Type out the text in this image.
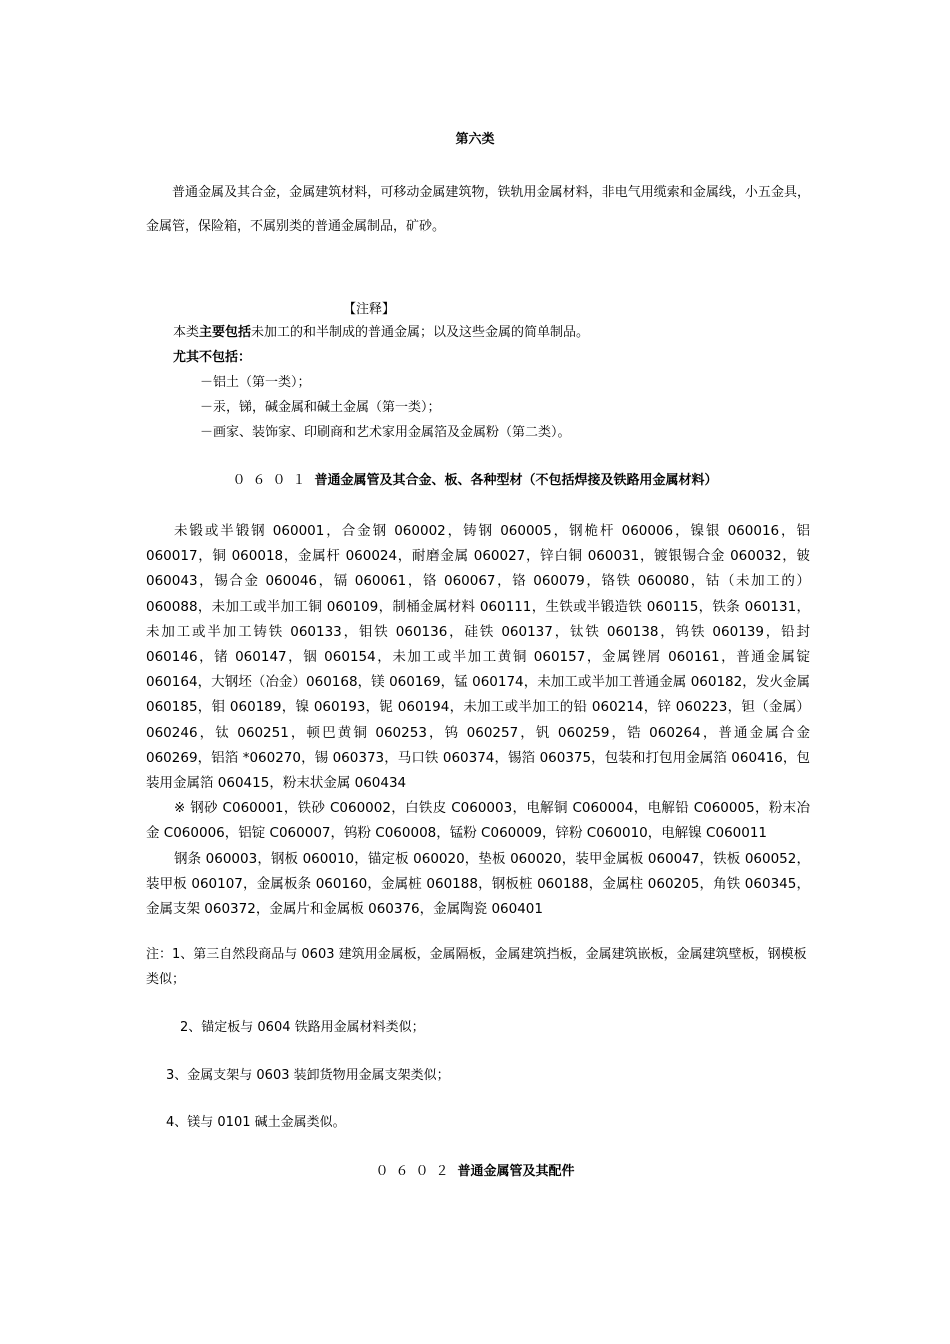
第六类
普通金属及其合金，金属建筑材料，可移动金属建筑物，铁轨用金属材料，非电气用缆索和金属线，小五金具，金属管，保险箱，不属别类的普通金属制品，矿砂。
【注释】
本类主要包括未加工的和半制成的普通金属；以及这些金属的简单制品。
尤其不包括：
－铝土（第一类）；
－汞，锑，碱金属和碱土金属（第一类）；
－画家、装饰家、印刷商和艺术家用金属箔及金属粉（第二类）。
０６０１ 普通金属管及其合金、板、各种型材（不包括焊接及铁路用金属材料）

未锻或半锻钢 060001，合金钢 060002，铸钢 060005，钢桅杆 060006，镍银 060016，铝 060017，铜 060018，金属杆 060024，耐磨金属 060027，锌白铜 060031，镀银锡合金 060032，铍 060043，锡合金 060046，镉 060061，铬 060067，铬 060079，铬铁 060080，钴（未加工的）060088，未加工或半加工铜 060109，制桶金属材料 060111，生铁或半锻造铁 060115，铁条 060131，未加工或半加工铸铁 060133，钼铁 060136，硅铁 060137，钛铁 060138，钨铁 060139，铅封 060146，锗 060147，铟 060154，未加工或半加工黄铜 060157，金属锉屑 060161，普通金属锭 060164，大钢坯（冶金）060168，镁 060169，锰 060174，未加工或半加工普通金属 060182，发火金属 060185，钼 060189，镍 060193，铌 060194，未加工或半加工的铅 060214，锌 060223，钽（金属）060246，钛 060251，顿巴黄铜 060253，钨 060257，钒 060259，锆 060264，普通金属合金 060269，铝箔 *060270，锡 060373，马口铁 060374，锡箔 060375，包装和打包用金属箔 060416，包装用金属箔 060415，粉末状金属 060434

※ 钢砂 C060001，铁砂 C060002，白铁皮 C060003，电解铜 C060004，电解铅 C060005，粉末冶金 C060006，铝锭 C060007，钨粉 C060008，锰粉 C060009，锌粉 C060010，电解镍 C060011

钢条 060003，钢板 060010，锚定板 060020，垫板 060020，装甲金属板 060047，铁板 060052，装甲板 060107，金属板条 060160，金属桩 060188，钢板桩 060188，金属柱 060205，角铁 060345，金属支架 060372，金属片和金属板 060376，金属陶瓷 060401

注：1、第三自然段商品与 0603 建筑用金属板，金属隔板，金属建筑挡板，金属建筑嵌板，金属建筑壁板，钢模板类似；
2、锚定板与 0604 铁路用金属材料类似；
3、金属支架与 0603 装卸货物用金属支架类似；
4、镁与 0101 碱土金属类似。
０６０２ 普通金属管及其配件
